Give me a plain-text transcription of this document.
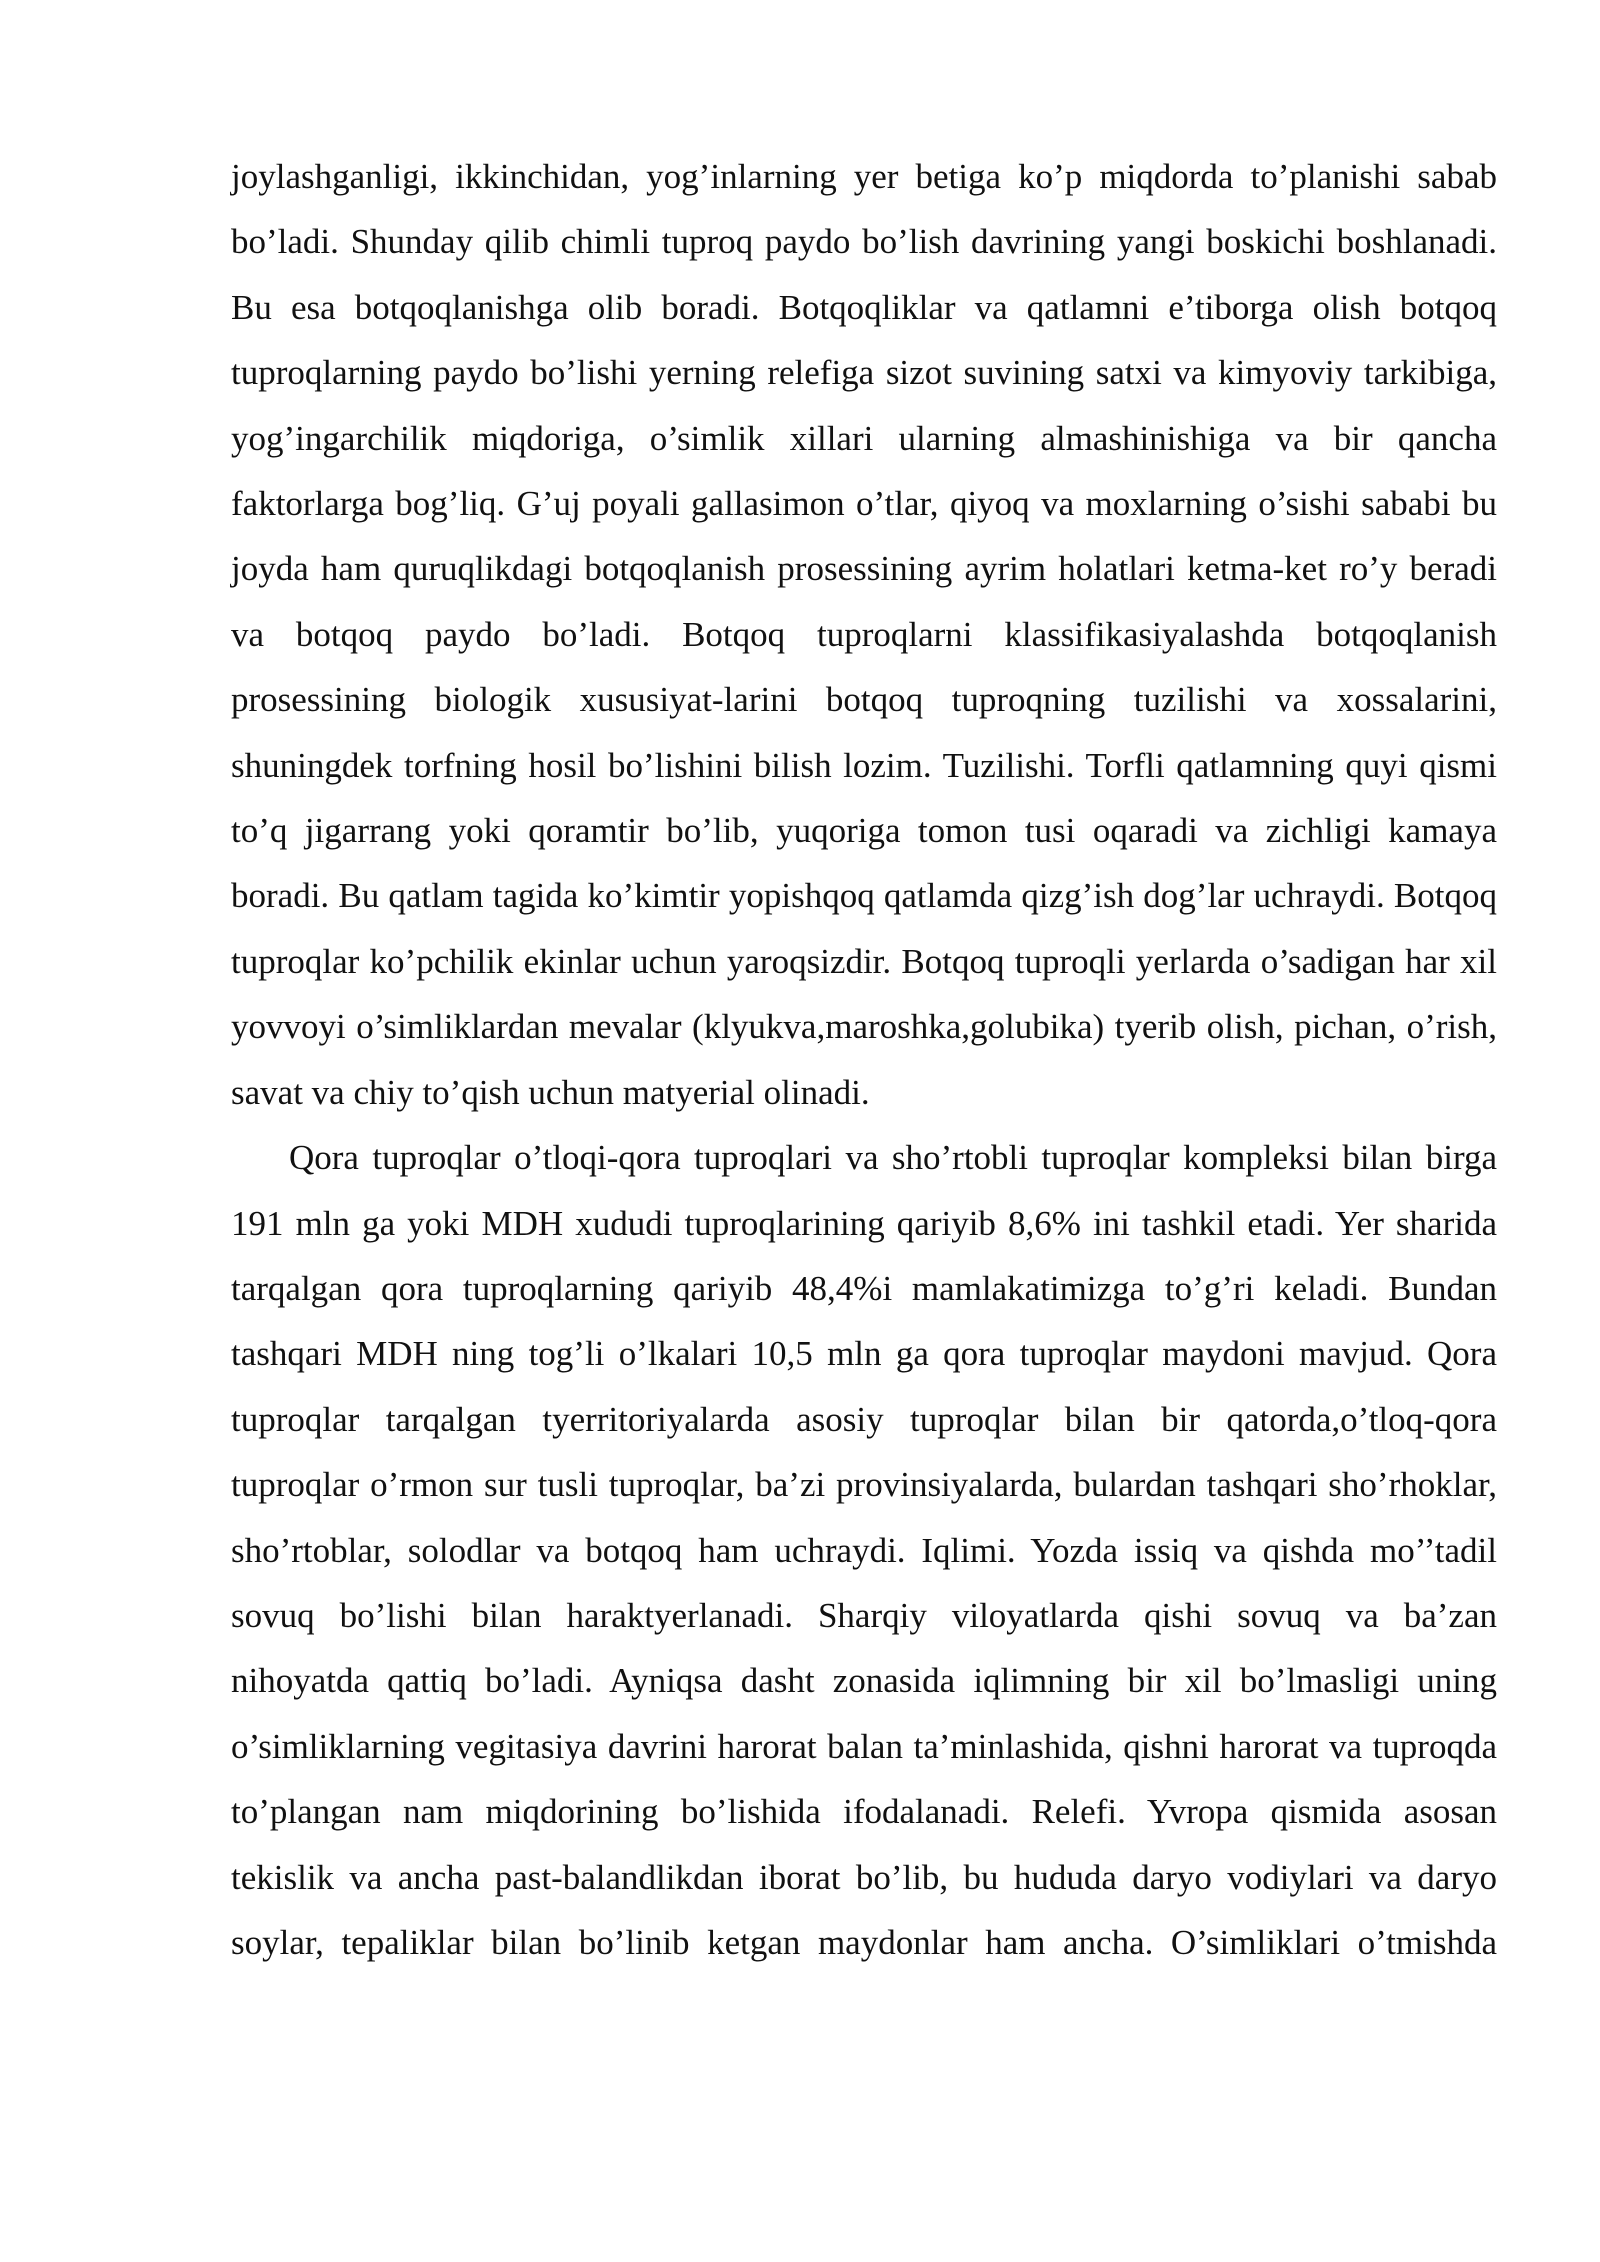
joylashganligi, ikkinchidan, yog’inlarning yer betiga ko’p miqdorda to’planishi sabab bo’ladi. Shunday qilib chimli tuproq paydo bo’lish davrining yangi boskichi boshlanadi. Bu esa botqoqlanishga olib boradi. Botqoqliklar va qatlamni e’tiborga olish botqoq tuproqlarning paydo bo’lishi yerning relefiga sizot suvining satxi va kimyoviy tarkibiga, yog’ingarchilik miqdoriga, o’simlik xillari ularning almashinishiga va bir qancha faktorlarga bog’liq. G’uj poyali gallasimon o’tlar, qiyoq va moxlarning o’sishi sababi bu joyda ham quruqlikdagi botqoqlanish prosessining ayrim holatlari ketma-ket ro’y beradi va botqoq paydo bo’ladi. Botqoq tuproqlarni klassifikasiyalashda botqoqlanish prosessining biologik xususiyat-larini botqoq tuproqning tuzilishi va xossalarini, shuningdek torfning hosil bo’lishini bilish lozim. Tuzilishi. Torfli qatlamning quyi qismi to’q jigarrang yoki qoramtir bo’lib, yuqoriga tomon tusi oqaradi va zichligi kamaya boradi. Bu qatlam tagida ko’kimtir yopishqoq qatlamda qizg’ish dog’lar uchraydi. Botqoq tuproqlar ko’pchilik ekinlar uchun yaroqsizdir. Botqoq tuproqli yerlarda o’sadigan har xil yovvoyi o’simliklardan mevalar (klyukva,maroshka,golubika) tyerib olish, pichan, o’rish, savat va chiy to’qish uchun matyerial olinadi.

Qora tuproqlar o’tloqi-qora tuproqlari va sho’rtobli tuproqlar kompleksi bilan birga 191 mln ga yoki MDH xududi tuproqlarining qariyib 8,6% ini tashkil etadi. Yer sharida tarqalgan qora tuproqlarning qariyib 48,4%i mamlakatimizga to’g’ri keladi. Bundan tashqari MDH ning tog’li o’lkalari 10,5 mln ga qora tuproqlar maydoni mavjud. Qora tuproqlar tarqalgan tyerritoriyalarda asosiy tuproqlar bilan bir qatorda,o’tloq-qora tuproqlar o’rmon sur tusli tuproqlar, ba’zi provinsiyalarda, bulardan tashqari sho’rhoklar, sho’rtoblar, solodlar va botqoq ham uchraydi. Iqlimi. Yozda issiq va qishda mo’’tadil sovuq bo’lishi bilan haraktyerlanadi. Sharqiy viloyatlarda qishi sovuq va ba’zan nihoyatda qattiq bo’ladi. Ayniqsa dasht zonasida iqlimning bir xil bo’lmasligi uning o’simliklarning vegitasiya davrini harorat balan ta’minlashida, qishni harorat va tuproqda to’plangan nam miqdorining bo’lishida ifodalanadi. Relefi. Yvropa qismida asosan tekislik va ancha past-balandlikdan iborat bo’lib, bu hududa daryo vodiylari va daryo soylar, tepaliklar bilan bo’linib ketgan maydonlar ham ancha. O’simliklari o’tmishda
